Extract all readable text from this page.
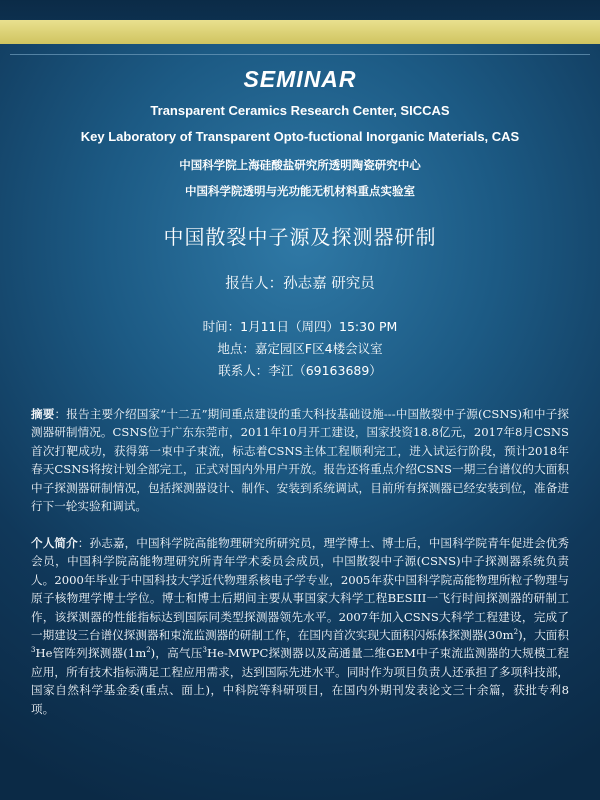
SEMINAR
Transparent Ceramics Research Center, SICCAS
Key Laboratory of Transparent Opto-fuctional Inorganic Materials, CAS
中国科学院上海硅酸盐研究所透明陶瓷研究中心
中国科学院透明与光功能无机材料重点实验室
中国散裂中子源及探测器研制
报告人：孙志嘉 研究员
时间：1月11日（周四）15:30 PM
地点：嘉定园区F区4楼会议室
联系人：李江（69163689）
摘要：报告主要介绍国家“十二五”期间重点建设的重大科技基础设施---中国散裂中子源(CSNS)和中子探测器研制情况。CSNS位于广东东莞市，2011年10月开工建设，国家投资18.8亿元，2017年8月CSNS首次打靶成功，获得第一束中子束流，标志着CSNS主体工程顺利完工，进入试运行阶段，预计2018年春天CSNS将按计划全部完工，正式对国内外用户开放。报告还将重点介绍CSNS一期三台谱仪的大面积中子探测器研制情况，包括探测器设计、制作、安装到系统调试，目前所有探测器已经安装到位，准备进行下一轮实验和调试。
个人简介：孙志嘉，中国科学院高能物理研究所研究员，理学博士、博士后，中国科学院青年促进会优秀会员，中国科学院高能物理研究所青年学术委员会成员，中国散裂中子源(CSNS)中子探测器系统负责人。2000年毕业于中国科技大学近代物理系核电子学专业，2005年获中国科学院高能物理所粒子物理与原子核物理学博士学位。博士和博士后期间主要从事国家大科学工程BESIII一飞行时间探测器的研制工作，该探测器的性能指标达到国际同类型探测器领先水平。2007年加入CSNS大科学工程建设，完成了一期建设三台谱仪探测器和束流监测器的研制工作，在国内首次实现大面积闪烁体探测器$(30m^2)$，大面积$^3$He管阵列探测器$(1m^2)$，高气压$^3$He-MWPC探测器以及高通量二维GEM中子束流监测器的大规模工程应用，所有技术指标满足工程应用需求，达到国际先进水平。同时作为项目负责人还承担了多项科技部，国家自然科学基金委(重点、面上)，中科院等科研项目，在国内外期刊发表论文三十余篇，获批专利8项。
